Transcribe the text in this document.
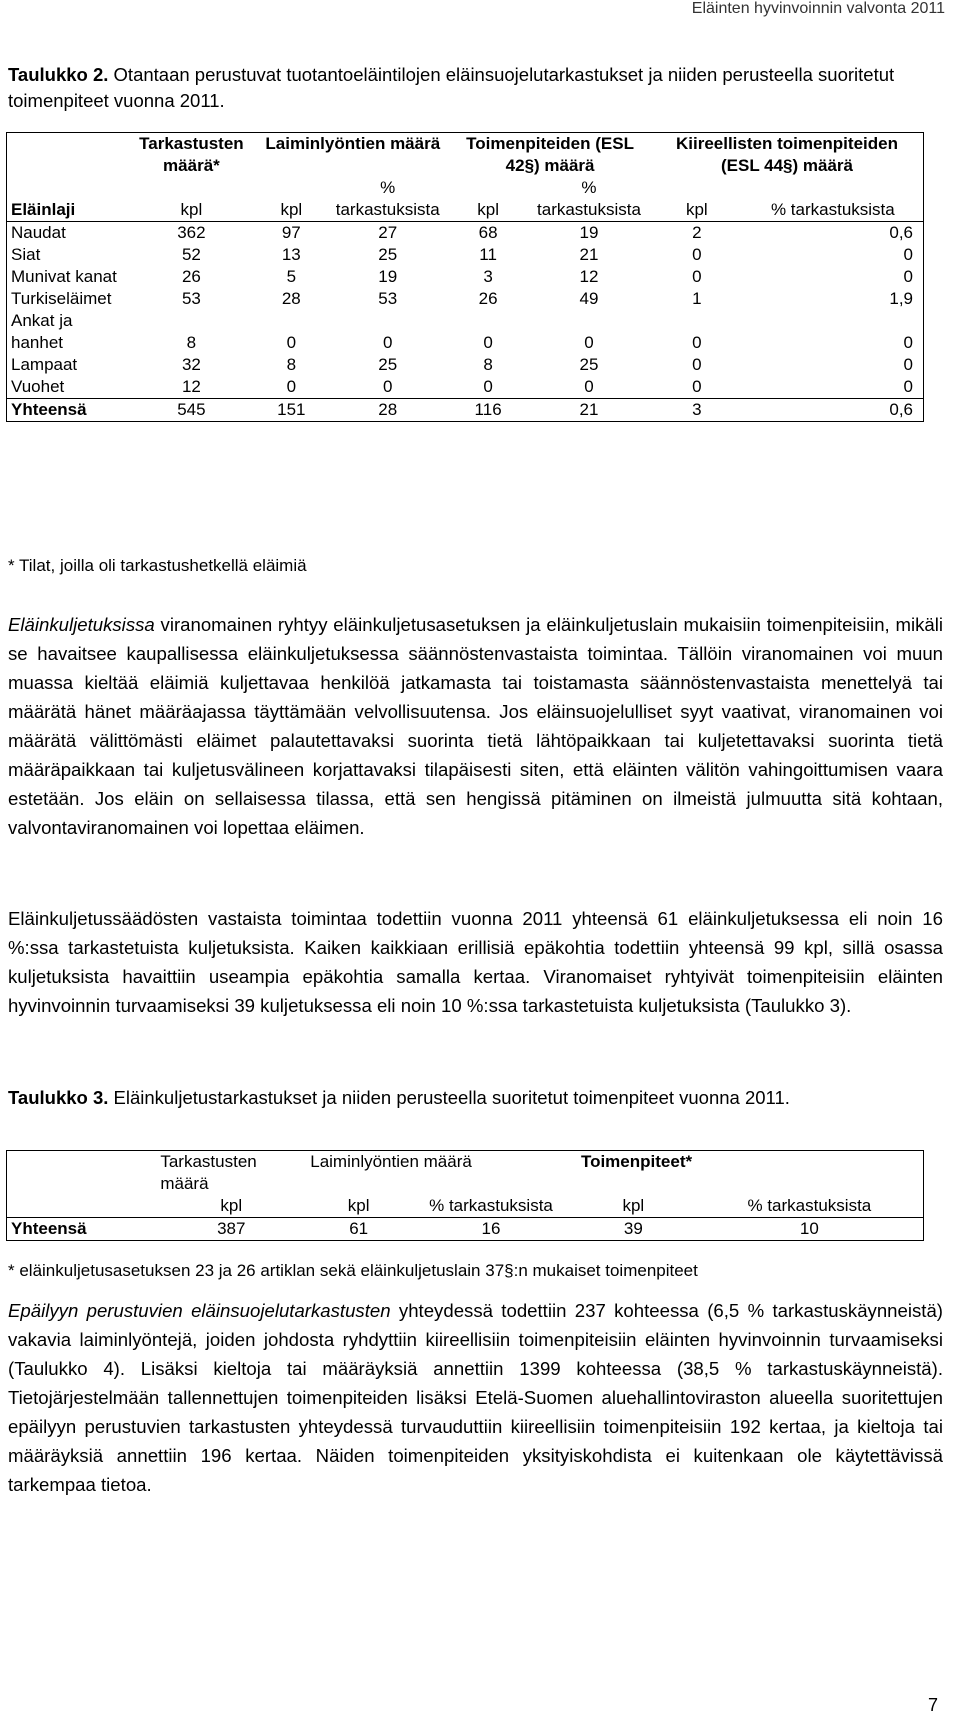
Eläinten hyvinvoinnin valvonta 2011
Taulukko 2. Otantaan perustuvat tuotantoeläintilojen eläinsuojelutarkastukset ja niiden perusteella suoritetut toimenpiteet vuonna 2011.
	Tarkastusten määrä*	Laiminlyöntien määrä		Toimenpiteiden (ESL 42§) määrä		Kiireellisten toimenpiteiden (ESL 44§) määrä	
Eläinlaji	kpl	kpl	% tarkastuksista	kpl	% tarkastuksista	kpl	% tarkastuksista
Naudat	362	97	27	68	19	2	0,6
Siat	52	13	25	11	21	0	0
Munivat kanat	26	5	19	3	12	0	0
Turkiseläimet	53	28	53	26	49	1	1,9
Ankat ja hanhet	8	0	0	0	0	0	0
Lampaat	32	8	25	8	25	0	0
Vuohet	12	0	0	0	0	0	0
Yhteensä	545	151	28	116	21	3	0,6
* Tilat, joilla oli tarkastushetkellä eläimiä
Eläinkuljetuksissa viranomainen ryhtyy eläinkuljetusasetuksen ja eläinkuljetuslain mukaisiin toimenpiteisiin, mikäli se havaitsee kaupallisessa eläinkuljetuksessa säännöstenvastaista toimintaa. Tällöin viranomainen voi muun muassa kieltää eläimiä kuljettavaa henkilöä jatkamasta tai toistamasta säännöstenvastaista menettelyä tai määrätä hänet määräajassa täyttämään velvollisuutensa. Jos eläinsuojelulliset syyt vaativat, viranomainen voi määrätä välittömästi eläimet palautettavaksi suorinta tietä lähtöpaikkaan tai kuljetettavaksi suorinta tietä määräpaikkaan tai kuljetusvälineen korjattavaksi tilapäisesti siten, että eläinten välitön vahingoittumisen vaara estetään. Jos eläin on sellaisessa tilassa, että sen hengissä pitäminen on ilmeistä julmuutta sitä kohtaan, valvontaviranomainen voi lopettaa eläimen.
Eläinkuljetussäädösten vastaista toimintaa todettiin vuonna 2011 yhteensä 61 eläinkuljetuksessa eli noin 16 %:ssa tarkastetuista kuljetuksista. Kaiken kaikkiaan erillisiä epäkohtia todettiin yhteensä 99 kpl, sillä osassa kuljetuksista havaittiin useampia epäkohtia samalla kertaa. Viranomaiset ryhtyivät toimenpiteisiin eläinten hyvinvoinnin turvaamiseksi 39 kuljetuksessa eli noin 10 %:ssa tarkastetuista kuljetuksista (Taulukko 3).
Taulukko 3. Eläinkuljetustarkastukset ja niiden perusteella suoritetut toimenpiteet vuonna 2011.
	Tarkastusten määrä	Laiminlyöntien määrä		Toimenpiteet*	
	kpl	kpl	% tarkastuksista	kpl	% tarkastuksista
Yhteensä	387	61	16	39	10
* eläinkuljetusasetuksen 23 ja 26 artiklan sekä eläinkuljetuslain 37§:n mukaiset toimenpiteet
Epäilyyn perustuvien eläinsuojelutarkastusten yhteydessä todettiin 237 kohteessa (6,5 % tarkastuskäynneistä) vakavia laiminlyöntejä, joiden johdosta ryhdyttiin kiireellisiin toimenpiteisiin eläinten hyvinvoinnin turvaamiseksi (Taulukko 4). Lisäksi kieltoja tai määräyksiä annettiin 1399 kohteessa (38,5 % tarkastuskäynneistä). Tietojärjestelmään tallennettujen toimenpiteiden lisäksi Etelä-Suomen aluehallintoviraston alueella suoritettujen epäilyyn perustuvien tarkastusten yhteydessä turvauduttiin kiireellisiin toimenpiteisiin 192 kertaa, ja kieltoja tai määräyksiä annettiin 196 kertaa. Näiden toimenpiteiden yksityiskohdista ei kuitenkaan ole käytettävissä tarkempaa tietoa.
7
